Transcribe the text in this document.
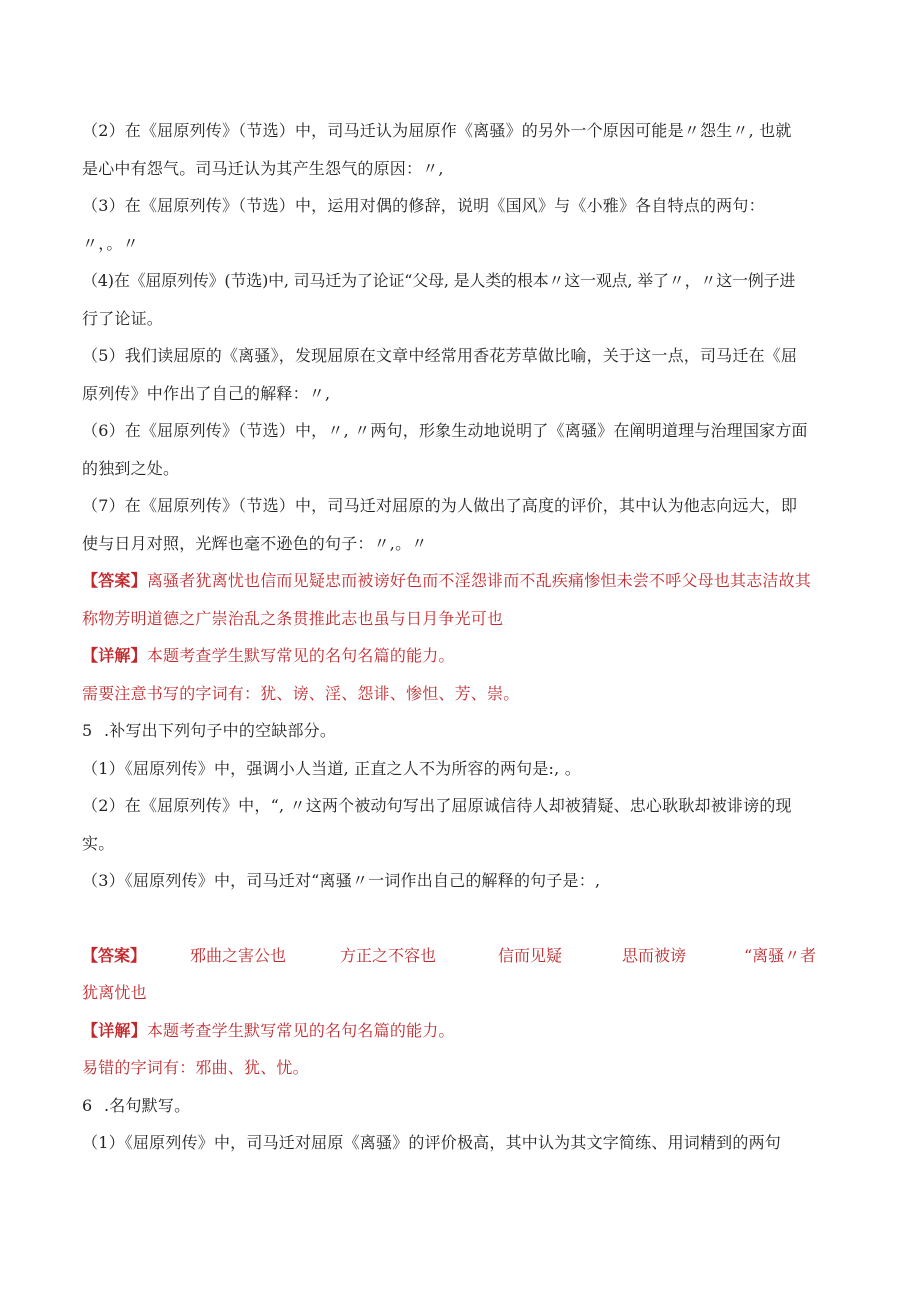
（2）在《屈原列传》（节选）中，司马迁认为屈原作《离骚》的另外一个原因可能是〃怨生〃, 也就
是心中有怨气。司马迁认为其产生怨气的原因：〃,
（3）在《屈原列传》（节选）中，运用对偶的修辞，说明《国风》与《小雅》各自特点的两句：
〃，。〃
（4)在《屈原列传》(节选)中, 司马迁为了论证“父母, 是人类的根本〃这一观点, 举了〃，〃这一例子进
行了论证。
（5）我们读屈原的《离骚》，发现屈原在文章中经常用香花芳草做比喻，关于这一点，司马迁在《屈
原列传》中作出了自己的解释：〃,
（6）在《屈原列传》（节选）中，〃, 〃两句，形象生动地说明了《离骚》在阐明道理与治理国家方面
的独到之处。
（7）在《屈原列传》（节选）中，司马迁对屈原的为人做出了高度的评价，其中认为他志向远大，即
使与日月对照，光辉也毫不逊色的句子：〃,。〃
【答案】离骚者犹离忧也信而见疑忠而被谤好色而不淫怨诽而不乱疾痛惨怛未尝不呼父母也其志洁故其
称物芳明道德之广崇治乱之条贯推此志也虽与日月争光可也
【详解】本题考查学生默写常见的名句名篇的能力。
需要注意书写的字词有：犹、谤、淫、怨诽、惨怛、芳、崇。
5 .补写出下列句子中的空缺部分。
（1）《屈原列传》中，强调小人当道, 正直之人不为所容的两句是:, 。
（2）在《屈原列传》中，“, 〃这两个被动句写出了屈原诚信待人却被猜疑、忠心耿耿却被诽谤的现
实。
（3）《屈原列传》中，司马迁对“离骚〃一词作出自己的解释的句子是：,
【答案】	邪曲之害公也	方正之不容也	信而见疑	思而被谤	“离骚〃者
犹离忧也
【详解】本题考查学生默写常见的名句名篇的能力。
易错的字词有：邪曲、犹、忧。
6 .名句默写。
（1）《屈原列传》中，司马迁对屈原《离骚》的评价极高，其中认为其文字简练、用词精到的两句
